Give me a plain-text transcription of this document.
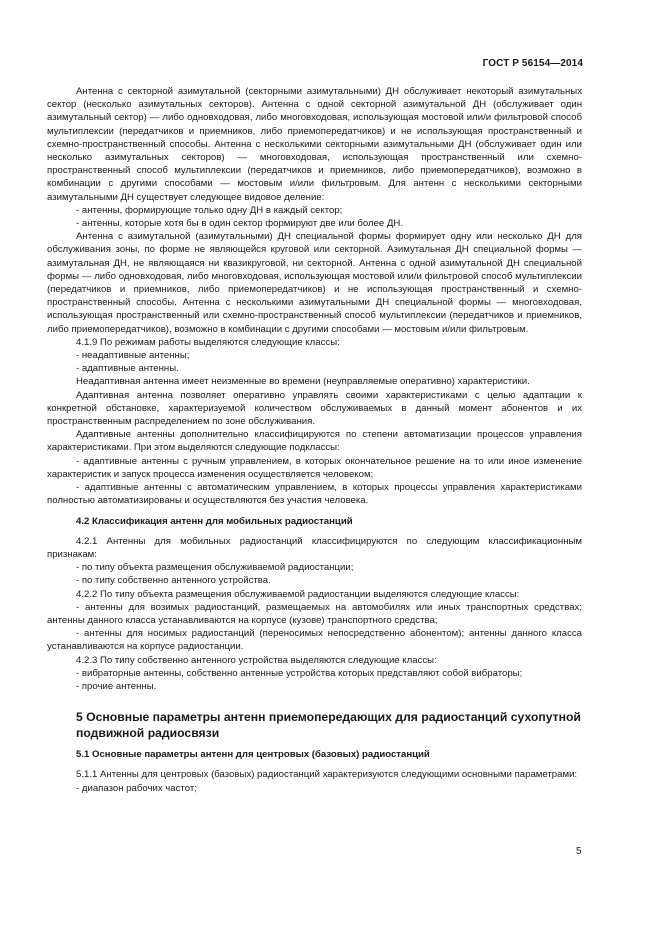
ГОСТ Р 56154—2014

Антенна с секторной азимутальной (секторными азимутальными) ДН обслуживает некоторый азимутальных сектор (несколько азимутальных секторов). Антенна с одной секторной азимутальной ДН (обслуживает один азимутальный сектор) — либо одновходовая, либо многовходовая, использующая мостовой или/и фильтровой способ мультиплексии (передатчиков и приемников, либо приемопередатчиков) и не использующая пространственный и схемно-пространственный способы. Антенна с несколькими секторными азимутальными ДН (обслуживает один или несколько азимутальных секторов) — многовходовая, использующая пространственный или схемно-пространственный способ мультиплексии (передатчиков и приемников, либо приемопередатчиков), возможно в комбинации с другими способами — мостовым и/или фильтровым. Для антенн с несколькими секторными азимутальными ДН существует следующее видовое деление:

- антенны, формирующие только одну ДН в каждый сектор;

- антенны, которые хотя бы в один сектор формируют две или более ДН.

Антенна с азимутальной (азимутальными) ДН специальной формы формирует одну или несколько ДН для обслуживания зоны, по форме не являющейся круговой или секторной. Азимутальная ДН специальной формы — азимутальная ДН, не являющаяся ни квазикруговой, ни секторной. Антенна с одной азимутальной ДН специальной формы — либо одновходовая, либо многовходовая, использующая мостовой или/и фильтровой способ мультиплексии (передатчиков и приемников, либо приемопередатчиков) и не использующая пространственный и схемно-пространственный способы. Антенна с несколькими азимутальными ДН специальной формы — многовходовая, использующая пространственный или схемно-пространственный способ мультиплексии (передатчиков и приемников, либо приемопередатчиков), возможно в комбинации с другими способами — мостовым и/или фильтровым.

4.1.9 По режимам работы выделяются следующие классы:

- неадаптивные антенны;

- адаптивные антенны.

Неадаптивная антенна имеет неизменные во времени (неуправляемые оперативно) характеристики.

Адаптивная антенна позволяет оперативно управлять своими характеристиками с целью адаптации к конкретной обстановке, характеризуемой количеством обслуживаемых в данный момент абонентов и их пространственным распределением по зоне обслуживания.

Адаптивные антенны дополнительно классифицируются по степени автоматизации процессов управления характеристиками. При этом выделяются следующие подклассы:

- адаптивные антенны с ручным управлением, в которых окончательное решение на то или иное изменение характеристик и запуск процесса изменения осуществляется человеком;

- адаптивные антенны с автоматическим управлением, в которых процессы управления характеристиками полностью автоматизированы и осуществляются без участия человека.

4.2 Классификация антенн для мобильных радиостанций

4.2.1 Антенны для мобильных радиостанций классифицируются по следующим классификационным признакам:

- по типу объекта размещения обслуживаемой радиостанции;

- по типу собственно антенного устройства.

4.2.2 По типу объекта размещения обслуживаемой радиостанции выделяются следующие классы:

- антенны для возимых радиостанций, размещаемых на автомобилях или иных транспортных средствах; антенны данного класса устанавливаются на корпусе (кузове) транспортного средства;

- антенны для носимых радиостанций (переносимых непосредственно абонентом); антенны данного класса устанавливаются на корпусе радиостанции.

4.2.3 По типу собственно антенного устройства выделяются следующие классы:

- вибраторные антенны, собственно антенные устройства которых представляют собой вибраторы;

- прочие антенны.

5 Основные параметры антенн приемопередающих для радиостанций сухопутной подвижной радиосвязи

5.1 Основные параметры антенн для центровых (базовых) радиостанций

5.1.1 Антенны для центровых (базовых) радиостанций характеризуются следующими основными параметрами:

- диапазон рабочих частот;

5
